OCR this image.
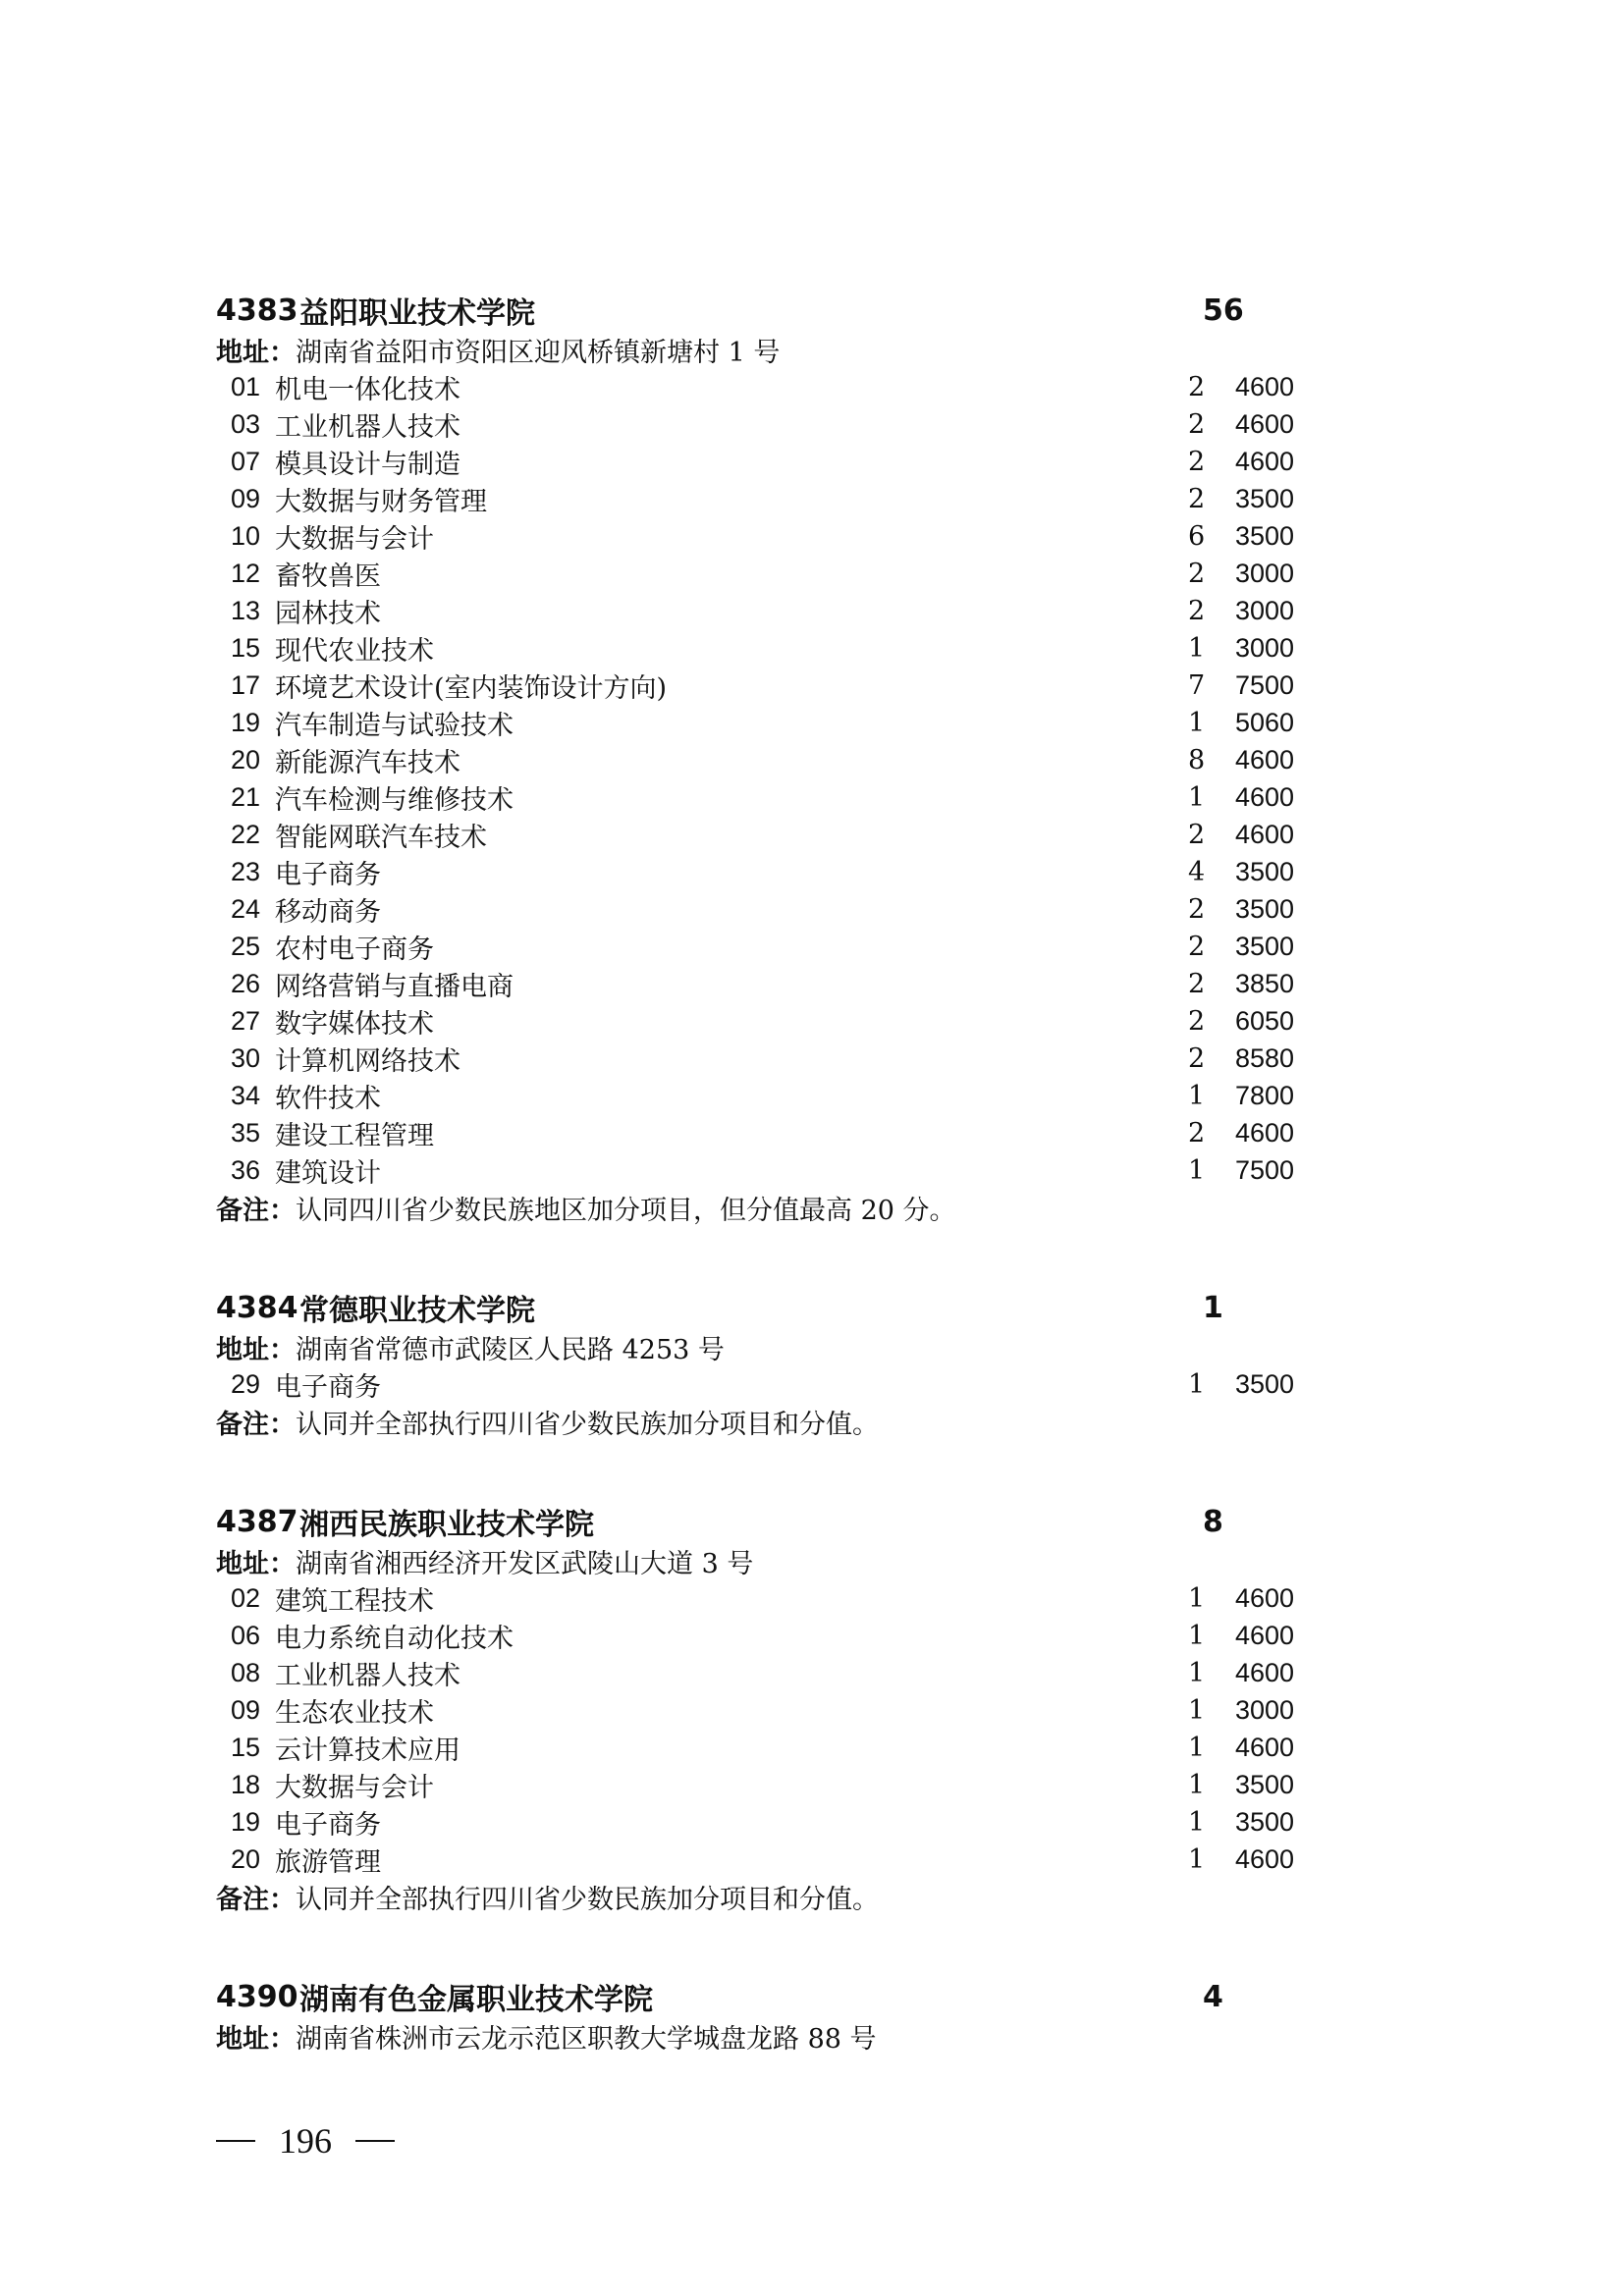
4383 益阳职业技术学院	56
地址： 湖南省益阳市资阳区迎风桥镇新塘村 1 号
01 机电一体化技术	2	4600
03 工业机器人技术	2	4600
07 模具设计与制造	2	4600
09 大数据与财务管理	2	3500
10 大数据与会计	6	3500
12 畜牧兽医	2	3000
13 园林技术	2	3000
15 现代农业技术	1	3000
17 环境艺术设计(室内装饰设计方向)	7	7500
19 汽车制造与试验技术	1	5060
20 新能源汽车技术	8	4600
21 汽车检测与维修技术	1	4600
22 智能网联汽车技术	2	4600
23 电子商务	4	3500
24 移动商务	2	3500
25 农村电子商务	2	3500
26 网络营销与直播电商	2	3850
27 数字媒体技术	2	6050
30 计算机网络技术	2	8580
34 软件技术	1	7800
35 建设工程管理	2	4600
36 建筑设计	1	7500
备注： 认同四川省少数民族地区加分项目，但分值最高 20 分。
4384 常德职业技术学院	1
地址： 湖南省常德市武陵区人民路 4253 号
29 电子商务	1	3500
备注： 认同并全部执行四川省少数民族加分项目和分值。
4387 湘西民族职业技术学院	8
地址： 湖南省湘西经济开发区武陵山大道 3 号
02 建筑工程技术	1	4600
06 电力系统自动化技术	1	4600
08 工业机器人技术	1	4600
09 生态农业技术	1	3000
15 云计算技术应用	1	4600
18 大数据与会计	1	3500
19 电子商务	1	3500
20 旅游管理	1	4600
备注： 认同并全部执行四川省少数民族加分项目和分值。
4390 湖南有色金属职业技术学院	4
地址： 湖南省株洲市云龙示范区职教大学城盘龙路 88 号
196
